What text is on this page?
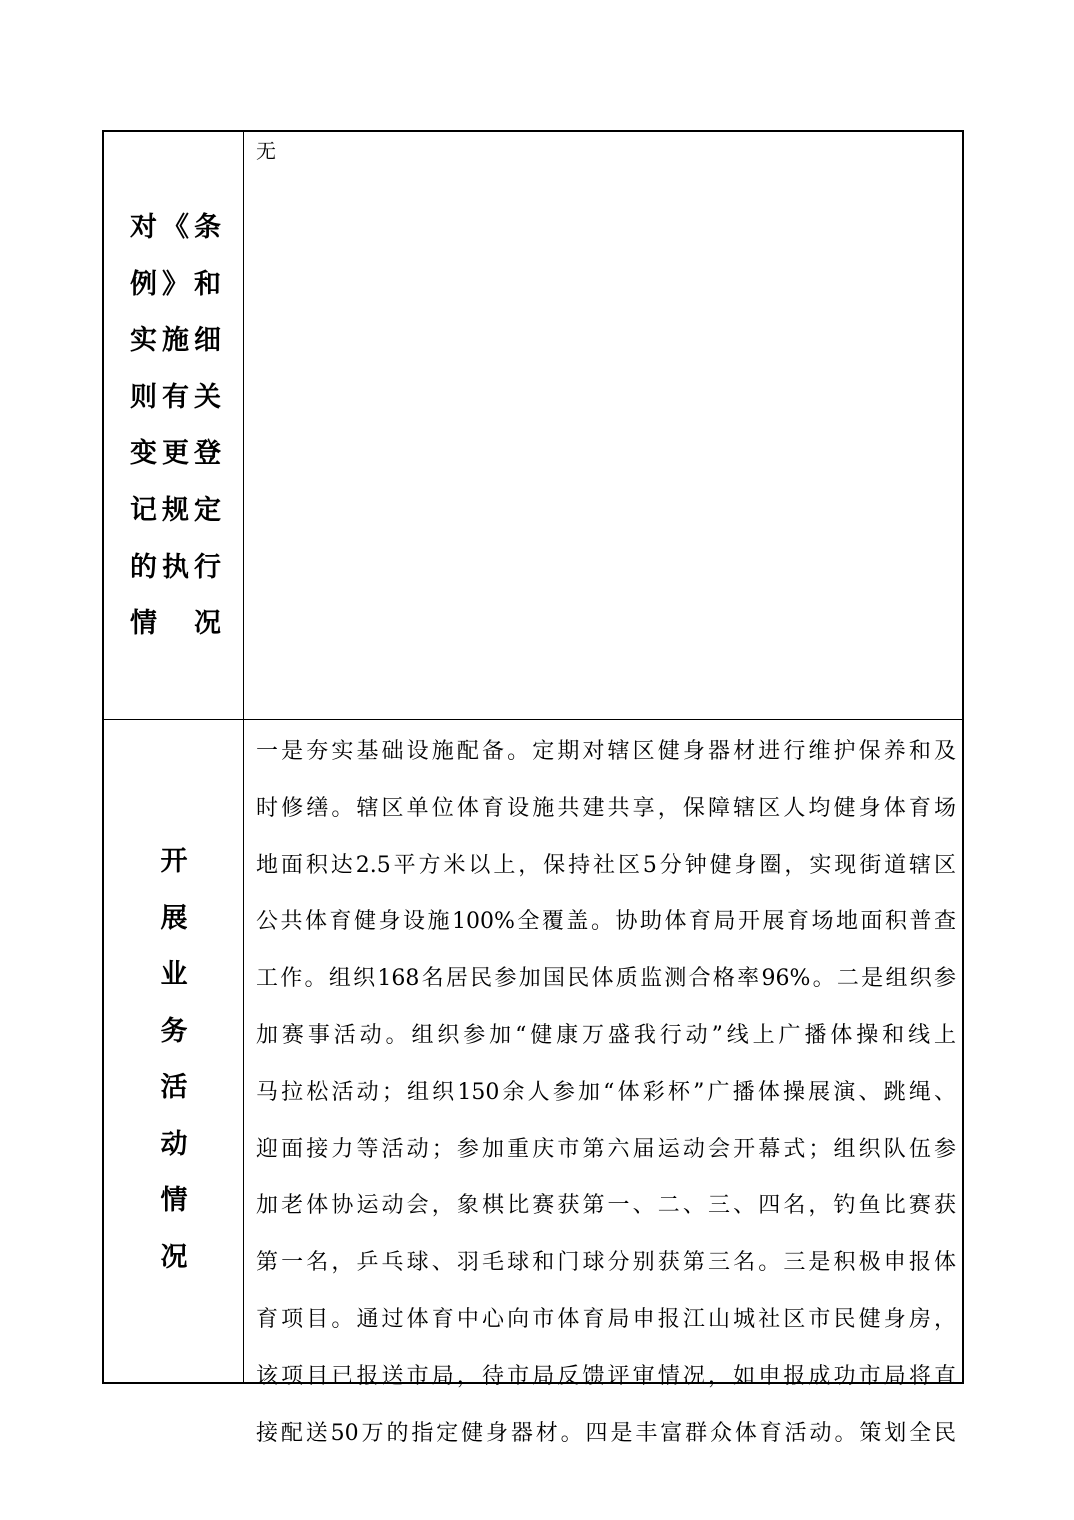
对《条
例》和
实施细
则有关
变更登
记规定
的执行
情　况
无
开
展
业
务
活
动
情
况
一是夯实基础设施配备。定期对辖区健身器材进行维护保养和及
时修缮。辖区单位体育设施共建共享，保障辖区人均健身体育场
地面积达2.5平方米以上，保持社区5分钟健身圈，实现街道辖区
公共体育健身设施100%全覆盖。协助体育局开展育场地面积普查
工作。组织168名居民参加国民体质监测合格率96%。二是组织参
加赛事活动。组织参加“健康万盛我行动”线上广播体操和线上
马拉松活动；组织150余人参加“体彩杯”广播体操展演、跳绳、
迎面接力等活动；参加重庆市第六届运动会开幕式；组织队伍参
加老体协运动会，象棋比赛获第一、二、三、四名，钓鱼比赛获
第一名，乒乓球、羽毛球和门球分别获第三名。三是积极申报体
育项目。通过体育中心向市体育局申报江山城社区市民健身房，
该项目已报送市局，待市局反馈评审情况，如申报成功市局将直
接配送50万的指定健身器材。四是丰富群众体育活动。策划全民
